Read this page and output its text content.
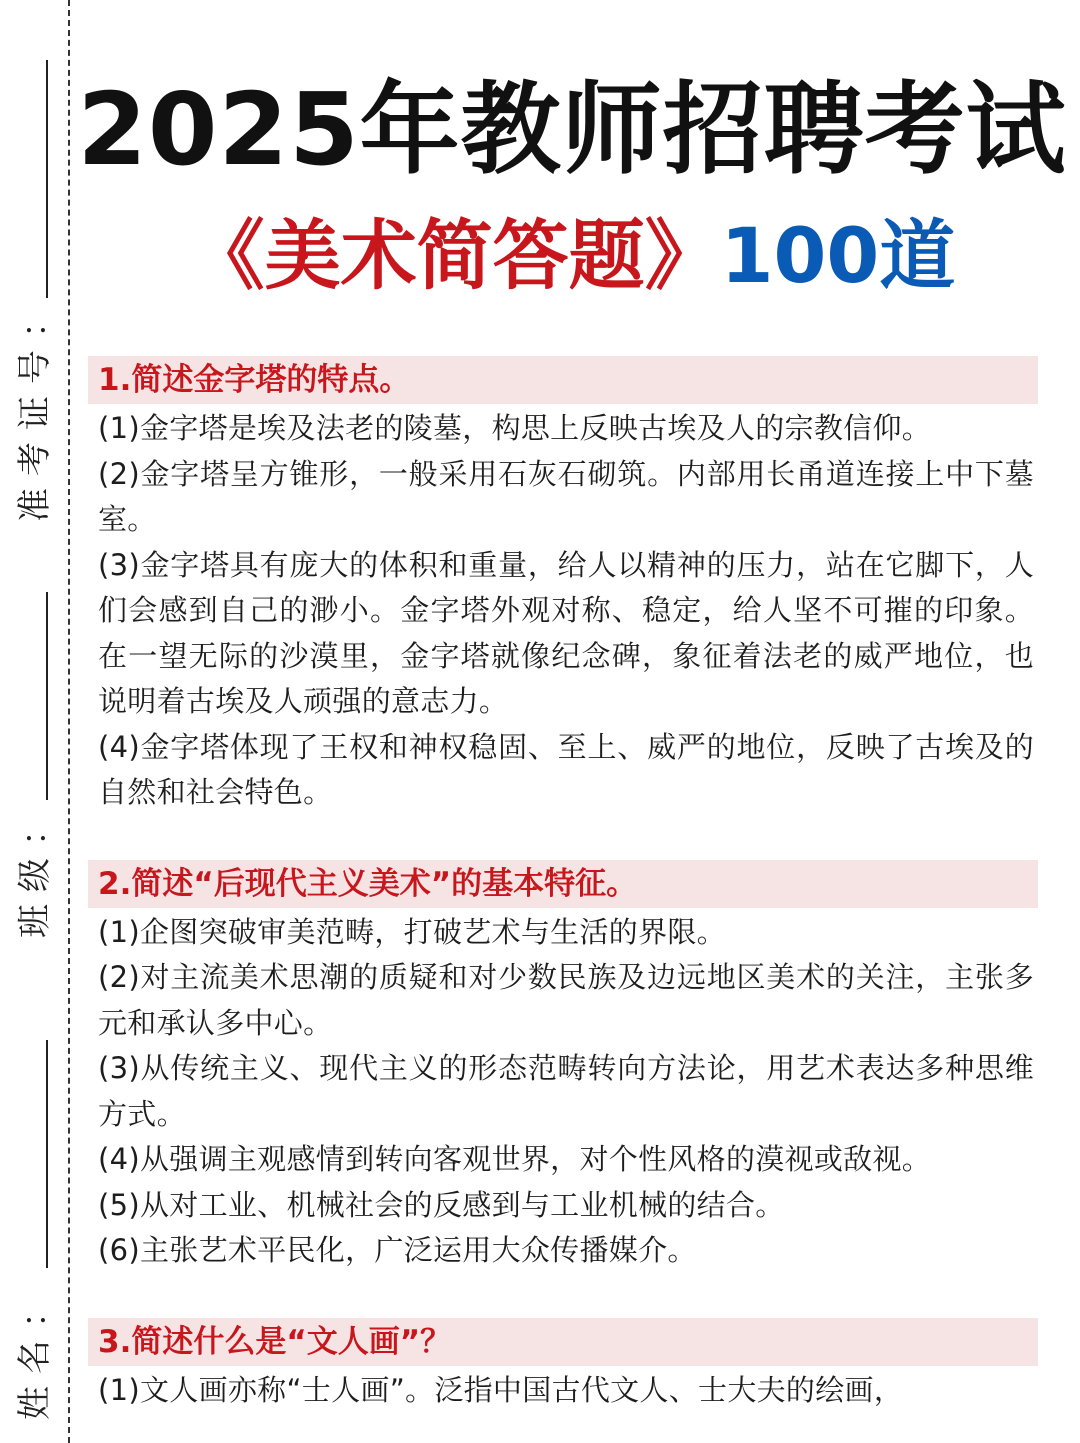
：
号
证
考
准
：
级
班
：
名
姓
2025年教师招聘考试
《美术简答题》100道
1.简述金字塔的特点。
(1)金字塔是埃及法老的陵墓，构思上反映古埃及人的宗教信仰。
(2)金字塔呈方锥形，一般采用石灰石砌筑。内部用长甬道连接上中下墓室。
(3)金字塔具有庞大的体积和重量，给人以精神的压力，站在它脚下，人们会感到自己的渺小。金字塔外观对称、稳定，给人坚不可摧的印象。在一望无际的沙漠里，金字塔就像纪念碑，象征着法老的威严地位，也说明着古埃及人顽强的意志力。
(4)金字塔体现了王权和神权稳固、至上、威严的地位，反映了古埃及的自然和社会特色。
2.简述“后现代主义美术”的基本特征。
(1)企图突破审美范畴，打破艺术与生活的界限。
(2)对主流美术思潮的质疑和对少数民族及边远地区美术的关注，主张多元和承认多中心。
(3)从传统主义、现代主义的形态范畴转向方法论，用艺术表达多种思维方式。
(4)从强调主观感情到转向客观世界，对个性风格的漠视或敌视。
(5)从对工业、机械社会的反感到与工业机械的结合。
(6)主张艺术平民化，广泛运用大众传播媒介。
3.简述什么是“文人画”？
(1)文人画亦称“士人画”。泛指中国古代文人、士大夫的绘画，
